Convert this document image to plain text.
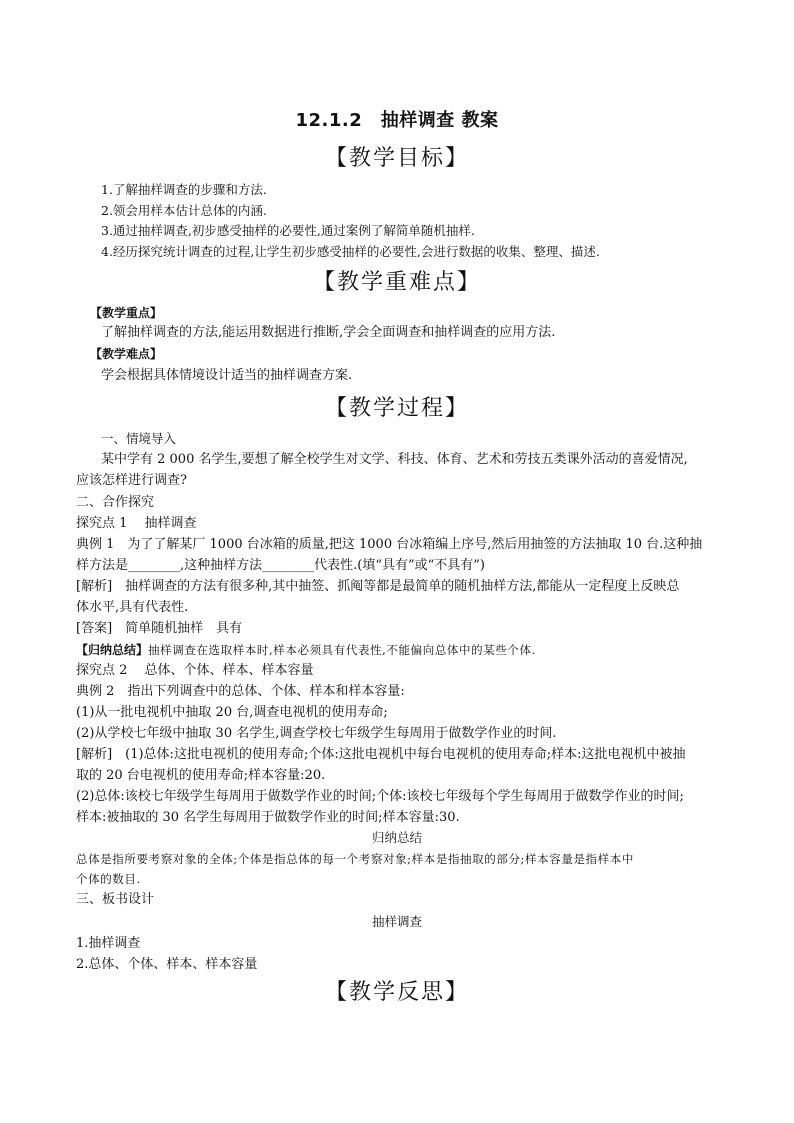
12.1.2　抽样调查 教案
【教学目标】
1.了解抽样调查的步骤和方法.
2.领会用样本估计总体的内涵.
3.通过抽样调查,初步感受抽样的必要性,通过案例了解简单随机抽样.
4.经历探究统计调查的过程,让学生初步感受抽样的必要性,会进行数据的收集、整理、描述.
【教学重难点】
【教学重点】
了解抽样调查的方法,能运用数据进行推断,学会全面调查和抽样调查的应用方法.
【教学难点】
学会根据具体情境设计适当的抽样调查方案.
【教学过程】
一、情境导入
某中学有 2 000 名学生,要想了解全校学生对文学、科技、体育、艺术和劳技五类课外活动的喜爱情况,
应该怎样进行调查?
二、合作探究
探究点 1　 抽样调查
典例 1　为了了解某厂 1000 台冰箱的质量,把这 1000 台冰箱编上序号,然后用抽签的方法抽取 10 台.这种抽
样方法是________,这种抽样方法________代表性.(填“具有”或“不具有”)
[解析]　抽样调查的方法有很多种,其中抽签、抓阄等都是最简单的随机抽样方法,都能从一定程度上反映总
体水平,具有代表性.
[答案]　简单随机抽样　具有
【归纳总结】抽样调查在选取样本时,样本必须具有代表性,不能偏向总体中的某些个体.
探究点 2　 总体、个体、样本、样本容量
典例 2　指出下列调查中的总体、个体、样本和样本容量:
(1)从一批电视机中抽取 20 台,调查电视机的使用寿命;
(2)从学校七年级中抽取 30 名学生,调查学校七年级学生每周用于做数学作业的时间.
[解析]　(1)总体:这批电视机的使用寿命;个体:这批电视机中每台电视机的使用寿命;样本:这批电视机中被抽
取的 20 台电视机的使用寿命;样本容量:20.
(2)总体:该校七年级学生每周用于做数学作业的时间;个体:该校七年级每个学生每周用于做数学作业的时间;
样本:被抽取的 30 名学生每周用于做数学作业的时间;样本容量:30.
归纳总结
总体是指所要考察对象的全体;个体是指总体的每一个考察对象;样本是指抽取的部分;样本容量是指样本中
个体的数目.
三、板书设计
抽样调查
1.抽样调查
2.总体、个体、样本、样本容量
【教学反思】
